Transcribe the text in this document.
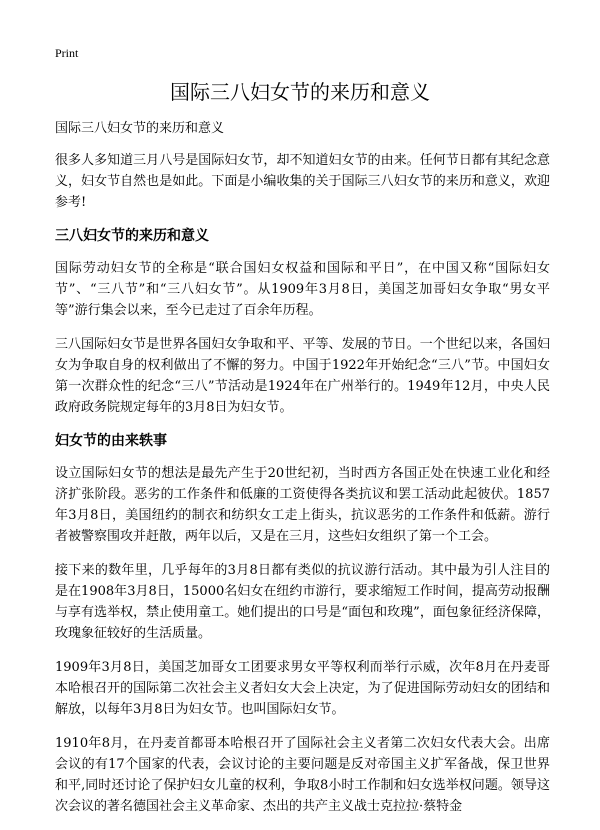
Print
国际三八妇女节的来历和意义

国际三八妇女节的来历和意义

很多人多知道三月八号是国际妇女节，却不知道妇女节的由来。任何节日都有其纪念意义，妇女节自然也是如此。下面是小编收集的关于国际三八妇女节的来历和意义，欢迎参考!

三八妇女节的来历和意义

国际劳动妇女节的全称是“联合国妇女权益和国际和平日”，在中国又称“国际妇女节”、“三八节”和“三八妇女节”。从1909年3月8日，美国芝加哥妇女争取“男女平等”游行集会以来，至今已走过了百余年历程。

三八国际妇女节是世界各国妇女争取和平、平等、发展的节日。一个世纪以来，各国妇女为争取自身的权利做出了不懈的努力。中国于1922年开始纪念“三八”节。中国妇女第一次群众性的纪念“三八”节活动是1924年在广州举行的。1949年12月，中央人民政府政务院规定每年的3月8日为妇女节。

妇女节的由来轶事

设立国际妇女节的想法是最先产生于20世纪初，当时西方各国正处在快速工业化和经济扩张阶段。恶劣的工作条件和低廉的工资使得各类抗议和罢工活动此起彼伏。1857年3月8日，美国纽约的制衣和纺织女工走上街头，抗议恶劣的工作条件和低薪。游行者被警察围攻并赶散，两年以后，又是在三月，这些妇女组织了第一个工会。

接下来的数年里，几乎每年的3月8日都有类似的抗议游行活动。其中最为引人注目的是在1908年3月8日，15000名妇女在纽约市游行，要求缩短工作时间，提高劳动报酬与享有选举权，禁止使用童工。她们提出的口号是“面包和玫瑰”，面包象征经济保障，玫瑰象征较好的生活质量。

1909年3月8日，美国芝加哥女工团要求男女平等权利而举行示威，次年8月在丹麦哥本哈根召开的国际第二次社会主义者妇女大会上决定，为了促进国际劳动妇女的团结和解放，以每年3月8日为妇女节。也叫国际妇女节。

1910年8月，在丹麦首都哥本哈根召开了国际社会主义者第二次妇女代表大会。出席会议的有17个国家的代表，会议讨论的主要问题是反对帝国主义扩军备战，保卫世界和平,同时还讨论了保护妇女儿童的权利，争取8小时工作制和妇女选举权问题。领导这次会议的著名德国社会主义革命家、杰出的共产主义战士克拉拉·蔡特金
